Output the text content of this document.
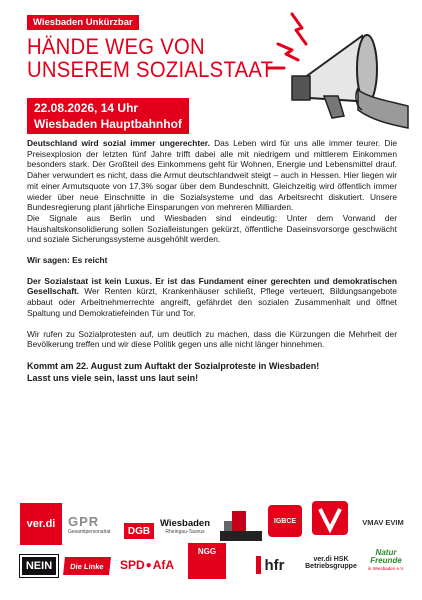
Wiesbaden Unkürzbar
HÄNDE WEG VON
UNSEREM SOZIALSTAAT
22.08.2026, 14 Uhr
Wiesbaden Hauptbahnhof

Deutschland wird sozial immer ungerechter. Das Leben wird für uns alle immer teurer. Die Preisexplosion der letzten fünf Jahre trifft dabei alle mit niedrigem und mittlerem Einkommen besonders stark. Der Großteil des Einkommens geht für Wohnen, Energie und Lebensmittel drauf. Daher verwundert es nicht, dass die Armut deutschlandweit steigt – auch in Hessen. Hier liegen wir mit einer Armutsquote von 17,3% sogar über dem Bundeschnitt. Gleichzeitig wird öffentlich immer wieder über neue Einschnitte in die Sozialsysteme und das Arbeitsrecht diskutiert. Unsere Bundesregierung plant jährliche Einsparungen von mehreren Milliarden.

Die Signale aus Berlin und Wiesbaden sind eindeutig: Unter dem Vorwand der Haushaltskonsolidierung sollen Sozialleistungen gekürzt, öffentliche Daseinsvorsorge geschwächt und soziale Sicherungssysteme ausgehöhlt werden.

Wir sagen: Es reicht

Der Sozialstaat ist kein Luxus. Er ist das Fundament einer gerechten und demokratischen Gesellschaft. Wer Renten kürzt, Krankenhäuser schließt, Pflege verteuert, Bildungsangebote abbaut oder Arbeitnehmerrechte angreift, gefährdet den sozialen Zusammenhalt und öffnet Spaltung und Demokratiefeinden Tür und Tor.

Wir rufen zu Sozialprotesten auf, um deutlich zu machen, dass die Kürzungen die Mehrheit der Bevölkerung treffen und wir diese Politik gegen uns alle nicht länger hinnehmen.

Kommt am 22. August zum Auftakt der Sozialproteste in Wiesbaden!

Lasst uns viele sein, lasst uns laut sein!

ver.di GPR
Gesamtpersonalrat	DGB
Wiesbaden
Rheingau-Taunus
IGBCE	VMAV EVIM
NEIN	Die Linke	SPD ● AfA
NGG
hfr	ver.di HSK
Betriebsgruppe
Natur
Freunde
in Wiesbaden e.V.
